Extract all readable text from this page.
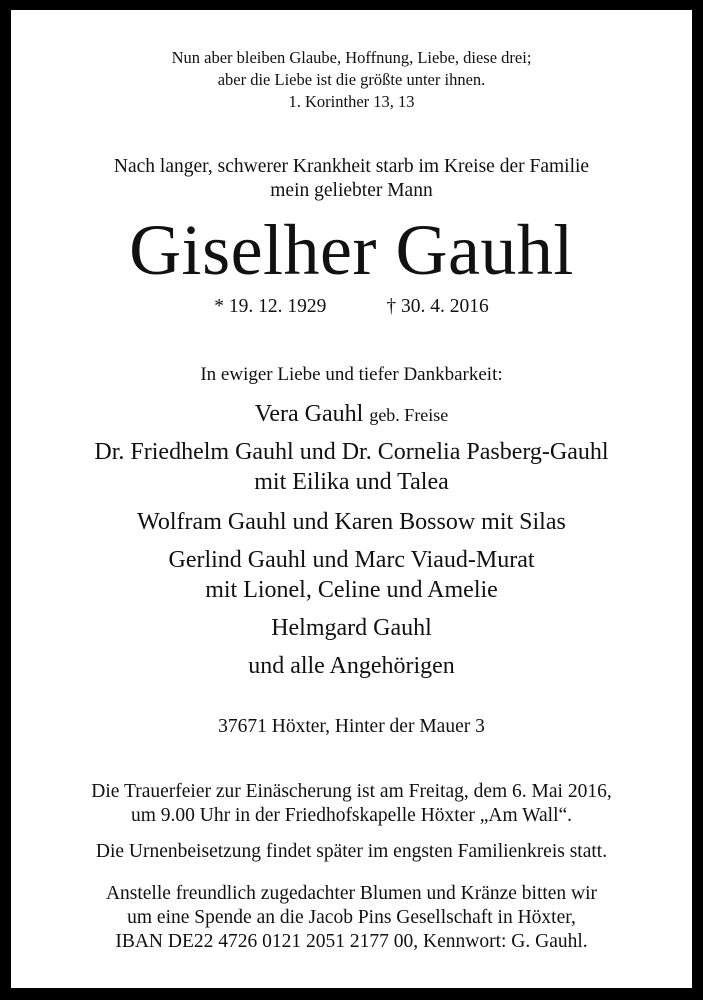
Nun aber bleiben Glaube, Hoffnung, Liebe, diese drei;
aber die Liebe ist die größte unter ihnen.
1. Korinther 13, 13
Nach langer, schwerer Krankheit starb im Kreise der Familie
mein geliebter Mann
Giselher Gauhl
* 19. 12. 1929	† 30. 4. 2016
In ewiger Liebe und tiefer Dankbarkeit:
Vera Gauhl geb. Freise
Dr. Friedhelm Gauhl und Dr. Cornelia Pasberg-Gauhl
mit Eilika und Talea
Wolfram Gauhl und Karen Bossow mit Silas
Gerlind Gauhl und Marc Viaud-Murat
mit Lionel, Celine und Amelie
Helmgard Gauhl
und alle Angehörigen
37671 Höxter, Hinter der Mauer 3
Die Trauerfeier zur Einäscherung ist am Freitag, dem 6. Mai 2016,
um 9.00 Uhr in der Friedhofskapelle Höxter „Am Wall“.
Die Urnenbeisetzung findet später im engsten Familienkreis statt.
Anstelle freundlich zugedachter Blumen und Kränze bitten wir
um eine Spende an die Jacob Pins Gesellschaft in Höxter,
IBAN DE22 4726 0121 2051 2177 00, Kennwort: G. Gauhl.
